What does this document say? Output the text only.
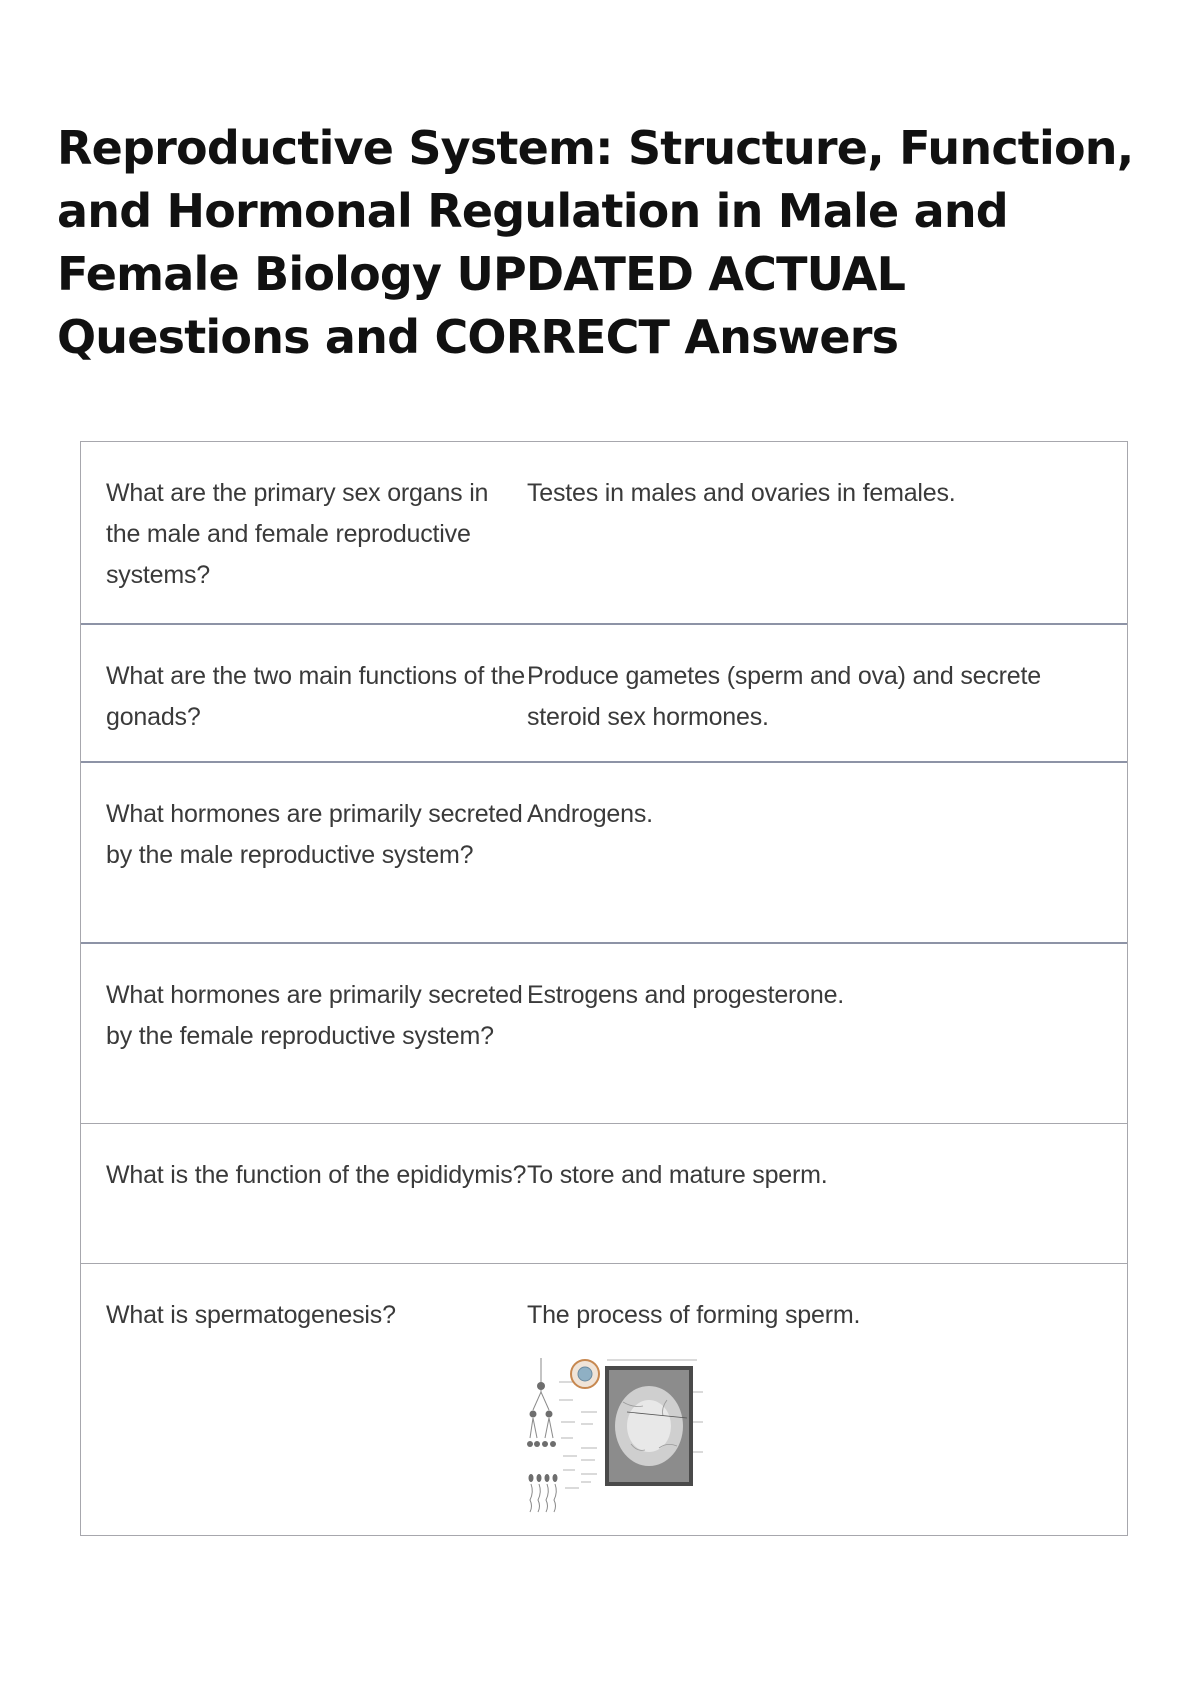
Reproductive System: Structure, Function, and Hormonal Regulation in Male and Female Biology UPDATED ACTUAL Questions and CORRECT Answers
What are the primary sex organs in the male and female reproductive systems?
Testes in males and ovaries in females.
What are the two main functions of the gonads?
Produce gametes (sperm and ova) and secrete steroid sex hormones.
What hormones are primarily secreted by the male reproductive system?
Androgens.
What hormones are primarily secreted by the female reproductive system?
Estrogens and progesterone.
What is the function of the epididymis? To store and mature sperm.
What is spermatogenesis?	The process of forming sperm.
